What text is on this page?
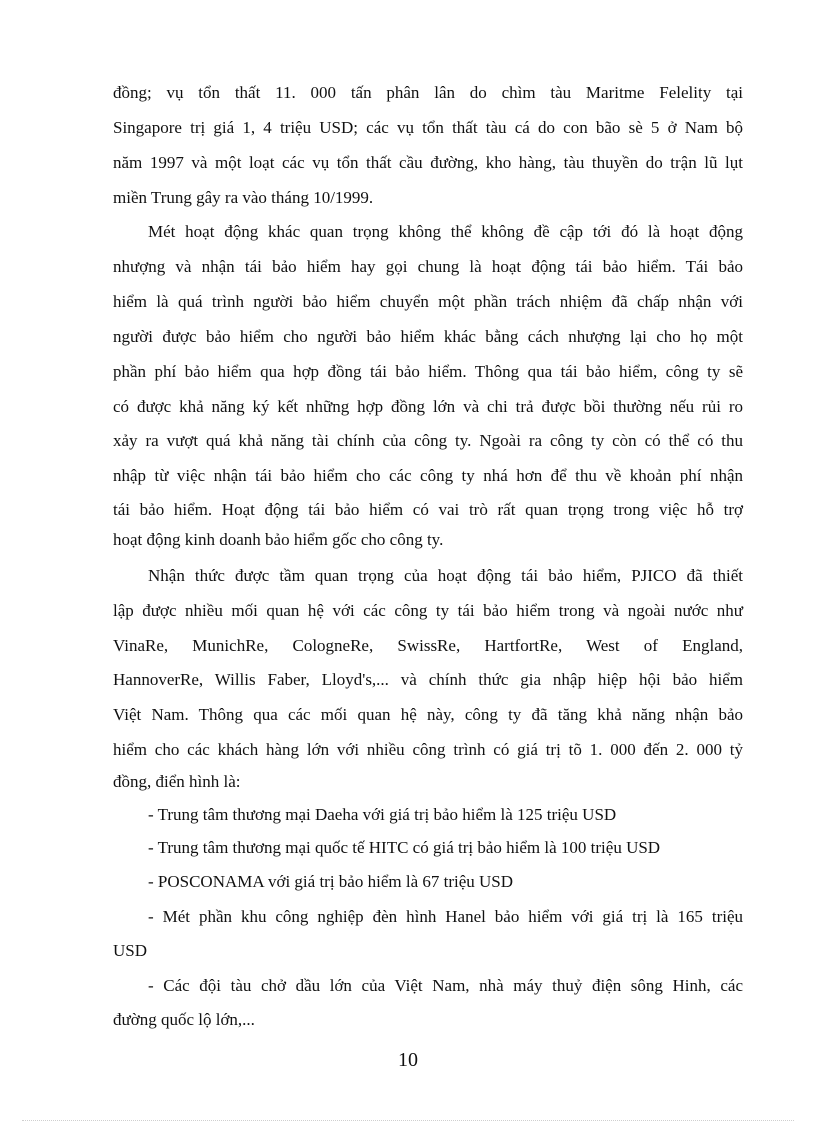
đồng; vụ tổn thất 11. 000 tấn phân lân do chìm tàu Maritme Felelity tại
Singapore trị giá 1, 4 triệu USD; các vụ tổn thất tàu cá do con bão sè 5 ở Nam bộ
năm 1997 và một loạt các vụ tổn thất cầu đường, kho hàng, tàu thuyền do trận lũ lụt
miền Trung gây ra vào tháng 10/1999.
Mét hoạt động khác quan trọng không thể không đề cập tới đó là hoạt động
nhượng và nhận tái bảo hiểm hay gọi chung là hoạt động tái bảo hiểm. Tái bảo
hiểm là quá trình người bảo hiểm chuyển một phần trách nhiệm đã chấp nhận với
người được bảo hiểm cho người bảo hiểm khác bằng cách nhượng lại cho họ một
phần phí bảo hiểm qua hợp đồng tái bảo hiểm. Thông qua tái bảo hiểm, công ty sẽ
có được khả năng ký kết những hợp đồng lớn và chi trả được bồi thường nếu rủi ro
xảy ra vượt quá khả năng tài chính của công ty. Ngoài ra công ty còn có thể có thu
nhập từ việc nhận tái bảo hiểm cho các công ty nhá hơn để thu về khoản phí nhận
tái bảo hiểm. Hoạt động tái bảo hiểm có vai trò rất quan trọng trong việc hỗ trợ
hoạt động kinh doanh bảo hiểm gốc cho công ty.
Nhận thức được tầm quan trọng của hoạt động tái bảo hiểm, PJICO đã thiết
lập được nhiều mối quan hệ với các công ty tái bảo hiểm trong và ngoài nước như
VinaRe, MunichRe, CologneRe, SwissRe, HartfortRe, West of England,
HannoverRe, Willis Faber, Lloyd's,... và chính thức gia nhập hiệp hội bảo hiểm
Việt Nam. Thông qua các mối quan hệ này, công ty đã tăng khả năng nhận bảo
hiểm cho các khách hàng lớn với nhiều công trình có giá trị tõ 1. 000 đến 2. 000 tỷ
đồng, điển hình là:
- Trung tâm thương mại Daeha với giá trị bảo hiểm là 125 triệu USD
- Trung tâm thương mại quốc tế HITC có giá trị bảo hiểm là 100 triệu USD
- POSCONAMA với giá trị bảo hiểm là 67 triệu USD
- Mét phần khu công nghiệp đèn hình Hanel bảo hiểm với giá trị là 165 triệu
USD
- Các đội tàu chở dầu lớn của Việt Nam, nhà máy thuỷ điện sông Hinh, các
đường quốc lộ lớn,...
10
